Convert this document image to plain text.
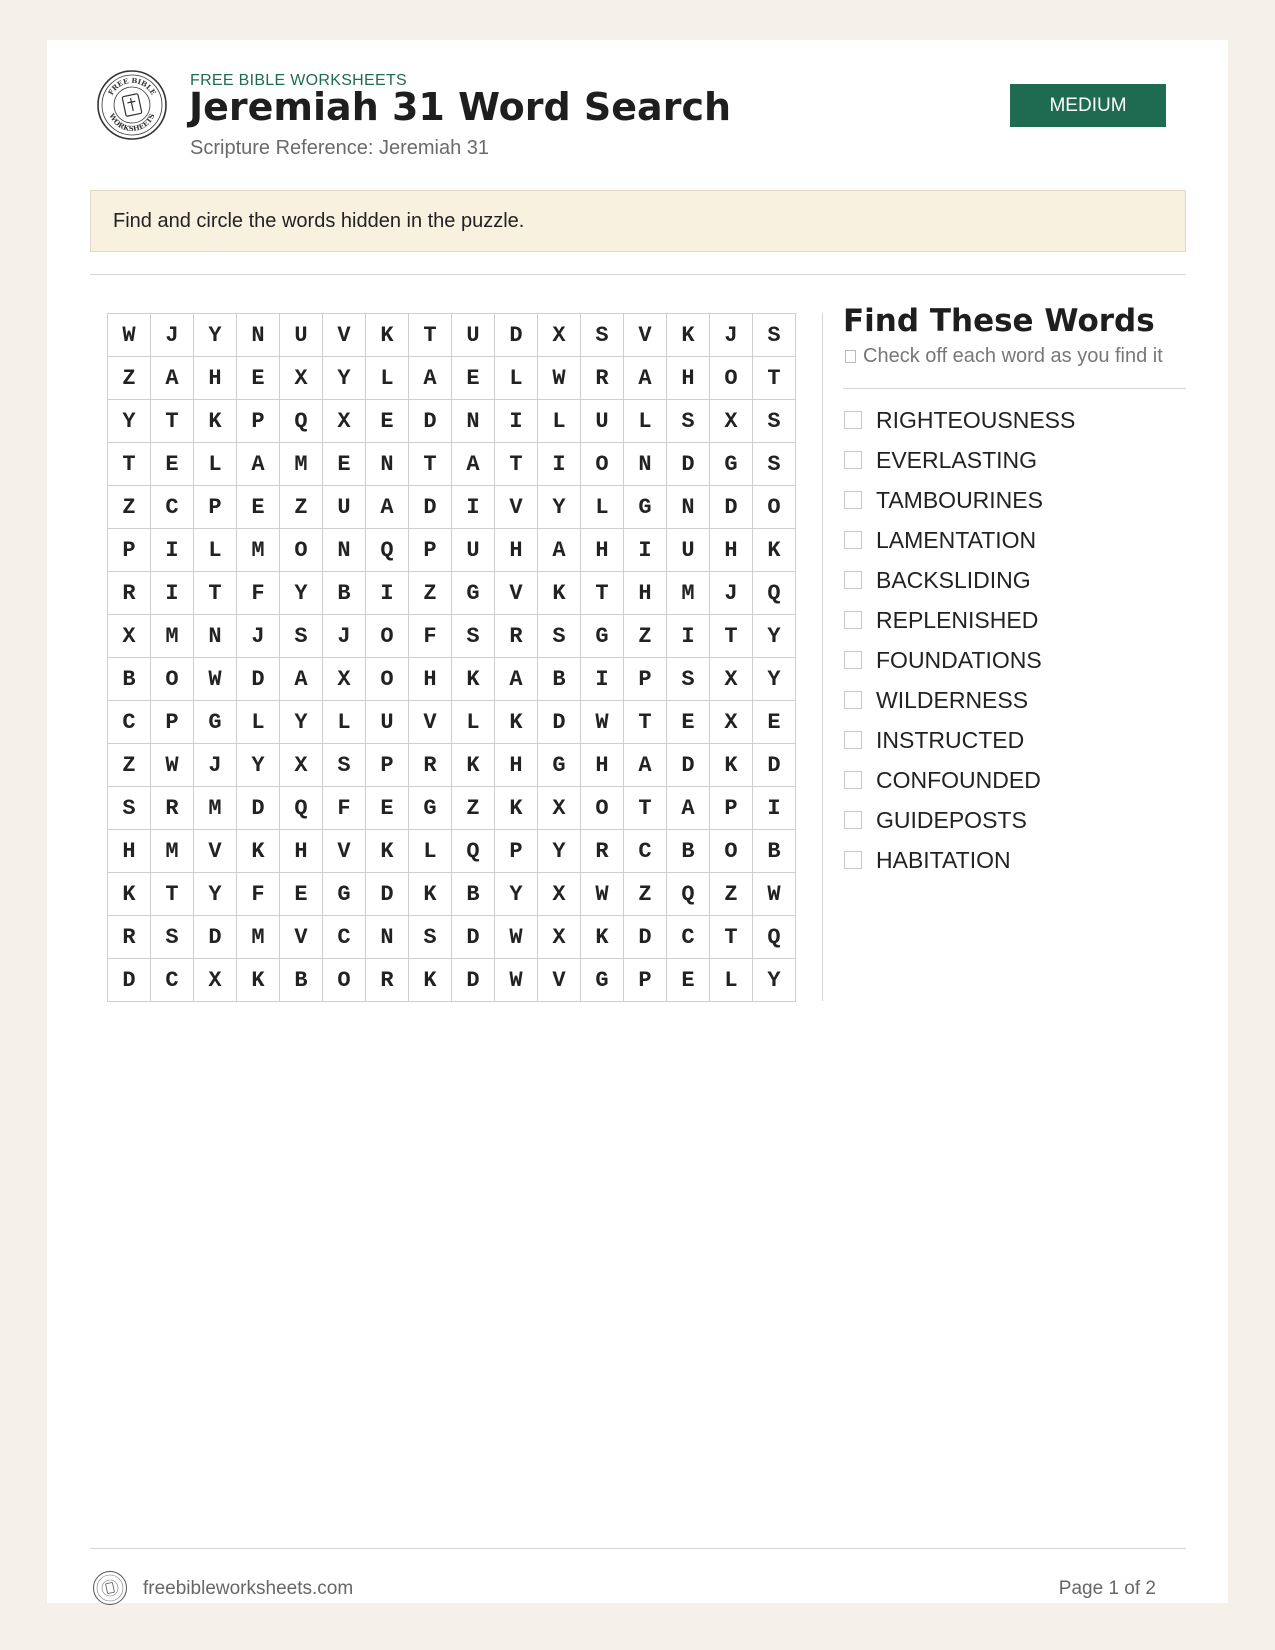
FREE BIBLE
WORKSHEETS
FREE BIBLE WORKSHEETS
Jeremiah 31 Word Search
Scripture Reference: Jeremiah 31
MEDIUM
Find and circle the words hidden in the puzzle.
W	J	Y	N	U	V	K	T	U	D	X	S	V	K	J	S
Z	A	H	E	X	Y	L	A	E	L	W	R	A	H	O	T
Y	T	K	P	Q	X	E	D	N	I	L	U	L	S	X	S
T	E	L	A	M	E	N	T	A	T	I	O	N	D	G	S
Z	C	P	E	Z	U	A	D	I	V	Y	L	G	N	D	O
P	I	L	M	O	N	Q	P	U	H	A	H	I	U	H	K
R	I	T	F	Y	B	I	Z	G	V	K	T	H	M	J	Q
X	M	N	J	S	J	O	F	S	R	S	G	Z	I	T	Y
B	O	W	D	A	X	O	H	K	A	B	I	P	S	X	Y
C	P	G	L	Y	L	U	V	L	K	D	W	T	E	X	E
Z	W	J	Y	X	S	P	R	K	H	G	H	A	D	K	D
S	R	M	D	Q	F	E	G	Z	K	X	O	T	A	P	I
H	M	V	K	H	V	K	L	Q	P	Y	R	C	B	O	B
K	T	Y	F	E	G	D	K	B	Y	X	W	Z	Q	Z	W
R	S	D	M	V	C	N	S	D	W	X	K	D	C	T	Q
D	C	X	K	B	O	R	K	D	W	V	G	P	E	L	Y
Find These Words
Check off each word as you find it
RIGHTEOUSNESS
EVERLASTING
TAMBOURINES
LAMENTATION
BACKSLIDING
REPLENISHED
FOUNDATIONS
WILDERNESS
INSTRUCTED
CONFOUNDED
GUIDEPOSTS
HABITATION
freebibleworksheets.com	Page 1 of 2
